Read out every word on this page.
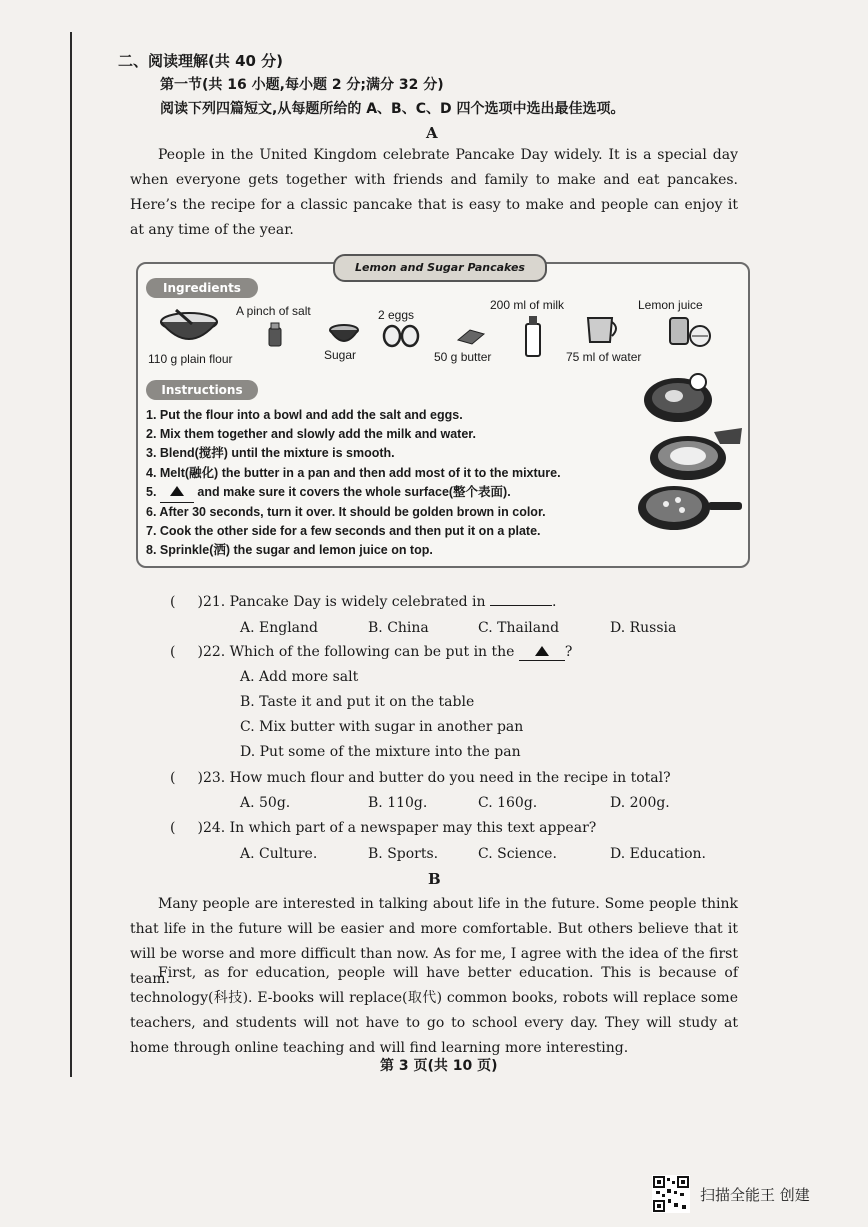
二、阅读理解(共 40 分)
第一节(共 16 小题,每小题 2 分;满分 32 分)
阅读下列四篇短文,从每题所给的 A、B、C、D 四个选项中选出最佳选项。
A
People in the United Kingdom celebrate Pancake Day widely. It is a special day when everyone gets together with friends and family to make and eat pancakes. Here’s the recipe for a classic pancake that is easy to make and people can enjoy it at any time of the year.
Lemon and Sugar Pancakes
Ingredients
A pinch of salt	2 eggs
200 ml of milk	Lemon juice
110 g plain flour	Sugar	50 g butter	75 ml of water
Instructions
1. Put the flour into a bowl and add the salt and eggs.
2. Mix them together and slowly add the milk and water.
3. Blend(搅拌) until the mixture is smooth.
4. Melt(融化) the butter in a pan and then add most of it to the mixture.
5.	and make sure it covers the whole surface(整个表面).
6. After 30 seconds, turn it over. It should be golden brown in color.
7. Cook the other side for a few seconds and then put it on a plate.
8. Sprinkle(洒) the sugar and lemon juice on top.
( )21. Pancake Day is widely celebrated in	.
A. England	B. China	C. Thailand	D. Russia
( )22. Which of the following can be put in the	?
A. Add more salt
B. Taste it and put it on the table
C. Mix butter with sugar in another pan
D. Put some of the mixture into the pan
( )23. How much flour and butter do you need in the recipe in total?
A. 50g.	B. 110g.	C. 160g.	D. 200g.
( )24. In which part of a newspaper may this text appear?
A. Culture.	B. Sports.	C. Science.	D. Education.
B
Many people are interested in talking about life in the future. Some people think that life in the future will be easier and more comfortable. But others believe that it will be worse and more difficult than now. As for me, I agree with the idea of the first team.
First, as for education, people will have better education. This is because of technology(科技). E-books will replace(取代) common books, robots will replace some teachers, and students will not have to go to school every day. They will study at home through online teaching and will find learning more interesting.
第 3 页(共 10 页)
扫描全能王 创建
